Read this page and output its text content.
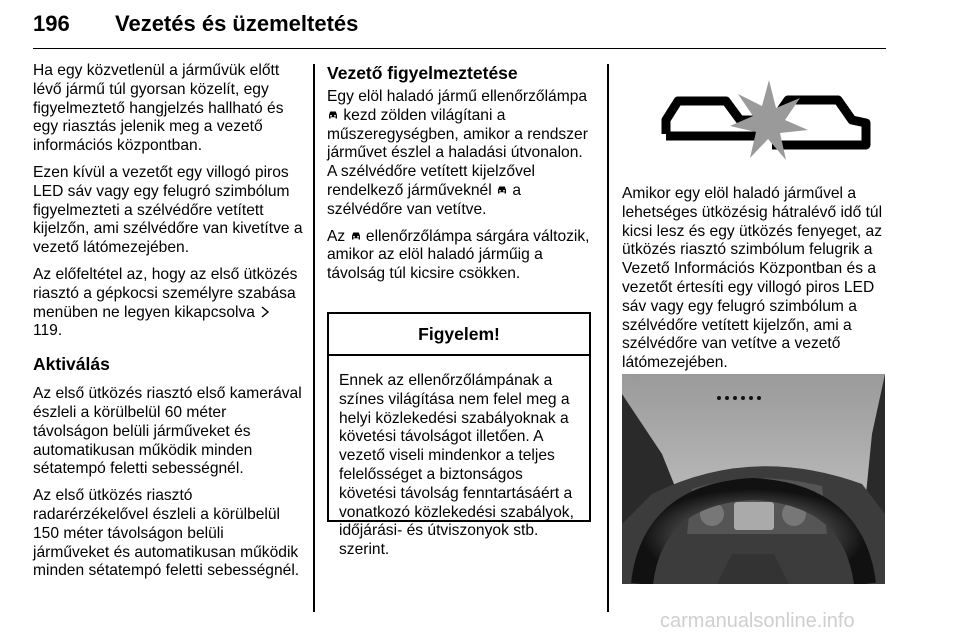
196 Vezetés és üzemeltetés

Ha egy közvetlenül a járművük előtt lévő jármű túl gyorsan közelít, egy figyelmeztető hangjelzés hallható és egy riasztás jelenik meg a vezető információs központban.

Ezen kívül a vezetőt egy villogó piros LED sáv vagy egy felugró szimbólum figyelmezteti a szélvédőre vetített kijelzőn, ami szélvédőre van kivetítve a vezető látómezejében.

Az előfeltétel az, hogy az első ütközés riasztó a gépkocsi személyre szabása menüben ne legyen kikapcsolva  119.

Aktiválás

Az első ütközés riasztó első kamerával észleli a körülbelül 60 méter távolságon belüli járműveket és automatikusan működik minden sétatempó feletti sebességnél.

Az első ütközés riasztó radarérzékelővel észleli a körülbelül 150 méter távolságon belüli járműveket és automatikusan működik minden sétatempó feletti sebességnél.

Vezető figyelmeztetése

Egy elöl haladó jármű ellenőrzőlámpa  kezd zölden világítani a műszeregységben, amikor a rendszer járművet észlel a haladási útvonalon. A szélvédőre vetített kijelzővel rendelkező járműveknél a szélvédőre van vetítve.

Az ellenőrzőlámpa sárgára változik, amikor az elöl haladó járműig a távolság túl kicsire csökken.

Figyelem!
Ennek az ellenőrzőlámpának a színes világítása nem felel meg a helyi közlekedési szabályoknak a követési távolságot illetően. A vezető viseli mindenkor a teljes felelősséget a biztonságos követési távolság fenntartásáért a vonatkozó közlekedési szabályok, időjárási- és útviszonyok stb. szerint.

Amikor egy elöl haladó járművel a lehetséges ütközésig hátralévő idő túl kicsi lesz és egy ütközés fenyeget, az ütközés riasztó szimbólum felugrik a Vezető Információs Központban és a vezetőt értesíti egy villogó piros LED sáv vagy egy felugró szimbólum a szélvédőre vetített kijelzőn, ami a szélvédőre van vetítve a vezető látómezejében.

carmanualsonline.info
